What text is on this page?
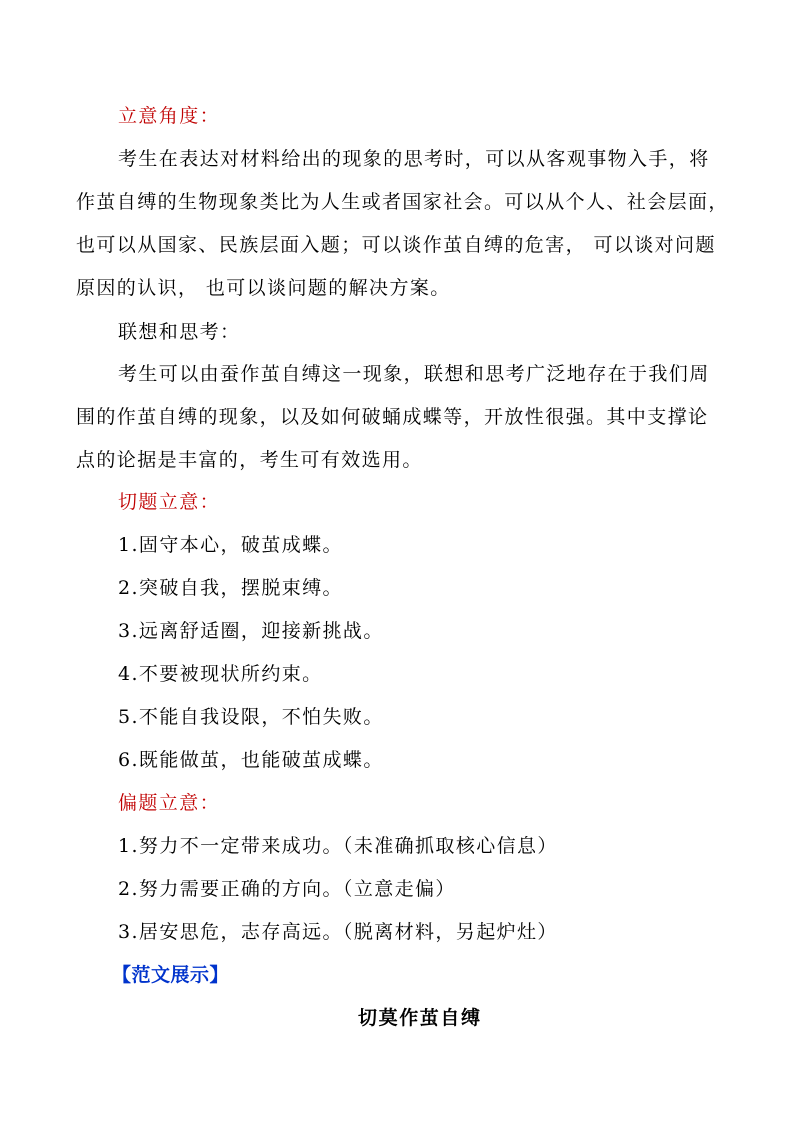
立意角度：
考生在表达对材料给出的现象的思考时，可以从客观事物入手，将
作茧自缚的生物现象类比为人生或者国家社会。可以从个人、社会层面，
也可以从国家、民族层面入题；可以谈作茧自缚的危害， 可以谈对问题
原因的认识， 也可以谈问题的解决方案。
联想和思考：
考生可以由蚕作茧自缚这一现象，联想和思考广泛地存在于我们周
围的作茧自缚的现象，以及如何破蛹成蝶等，开放性很强。其中支撑论
点的论据是丰富的，考生可有效选用。
切题立意：
1.固守本心，破茧成蝶。
2.突破自我，摆脱束缚。
3.远离舒适圈，迎接新挑战。
4.不要被现状所约束。
5.不能自我设限，不怕失败。
6.既能做茧，也能破茧成蝶。
偏题立意：
1.努力不一定带来成功。（未准确抓取核心信息）
2.努力需要正确的方向。（立意走偏）
3.居安思危，志存高远。（脱离材料，另起炉灶）
【范文展示】
切莫作茧自缚
